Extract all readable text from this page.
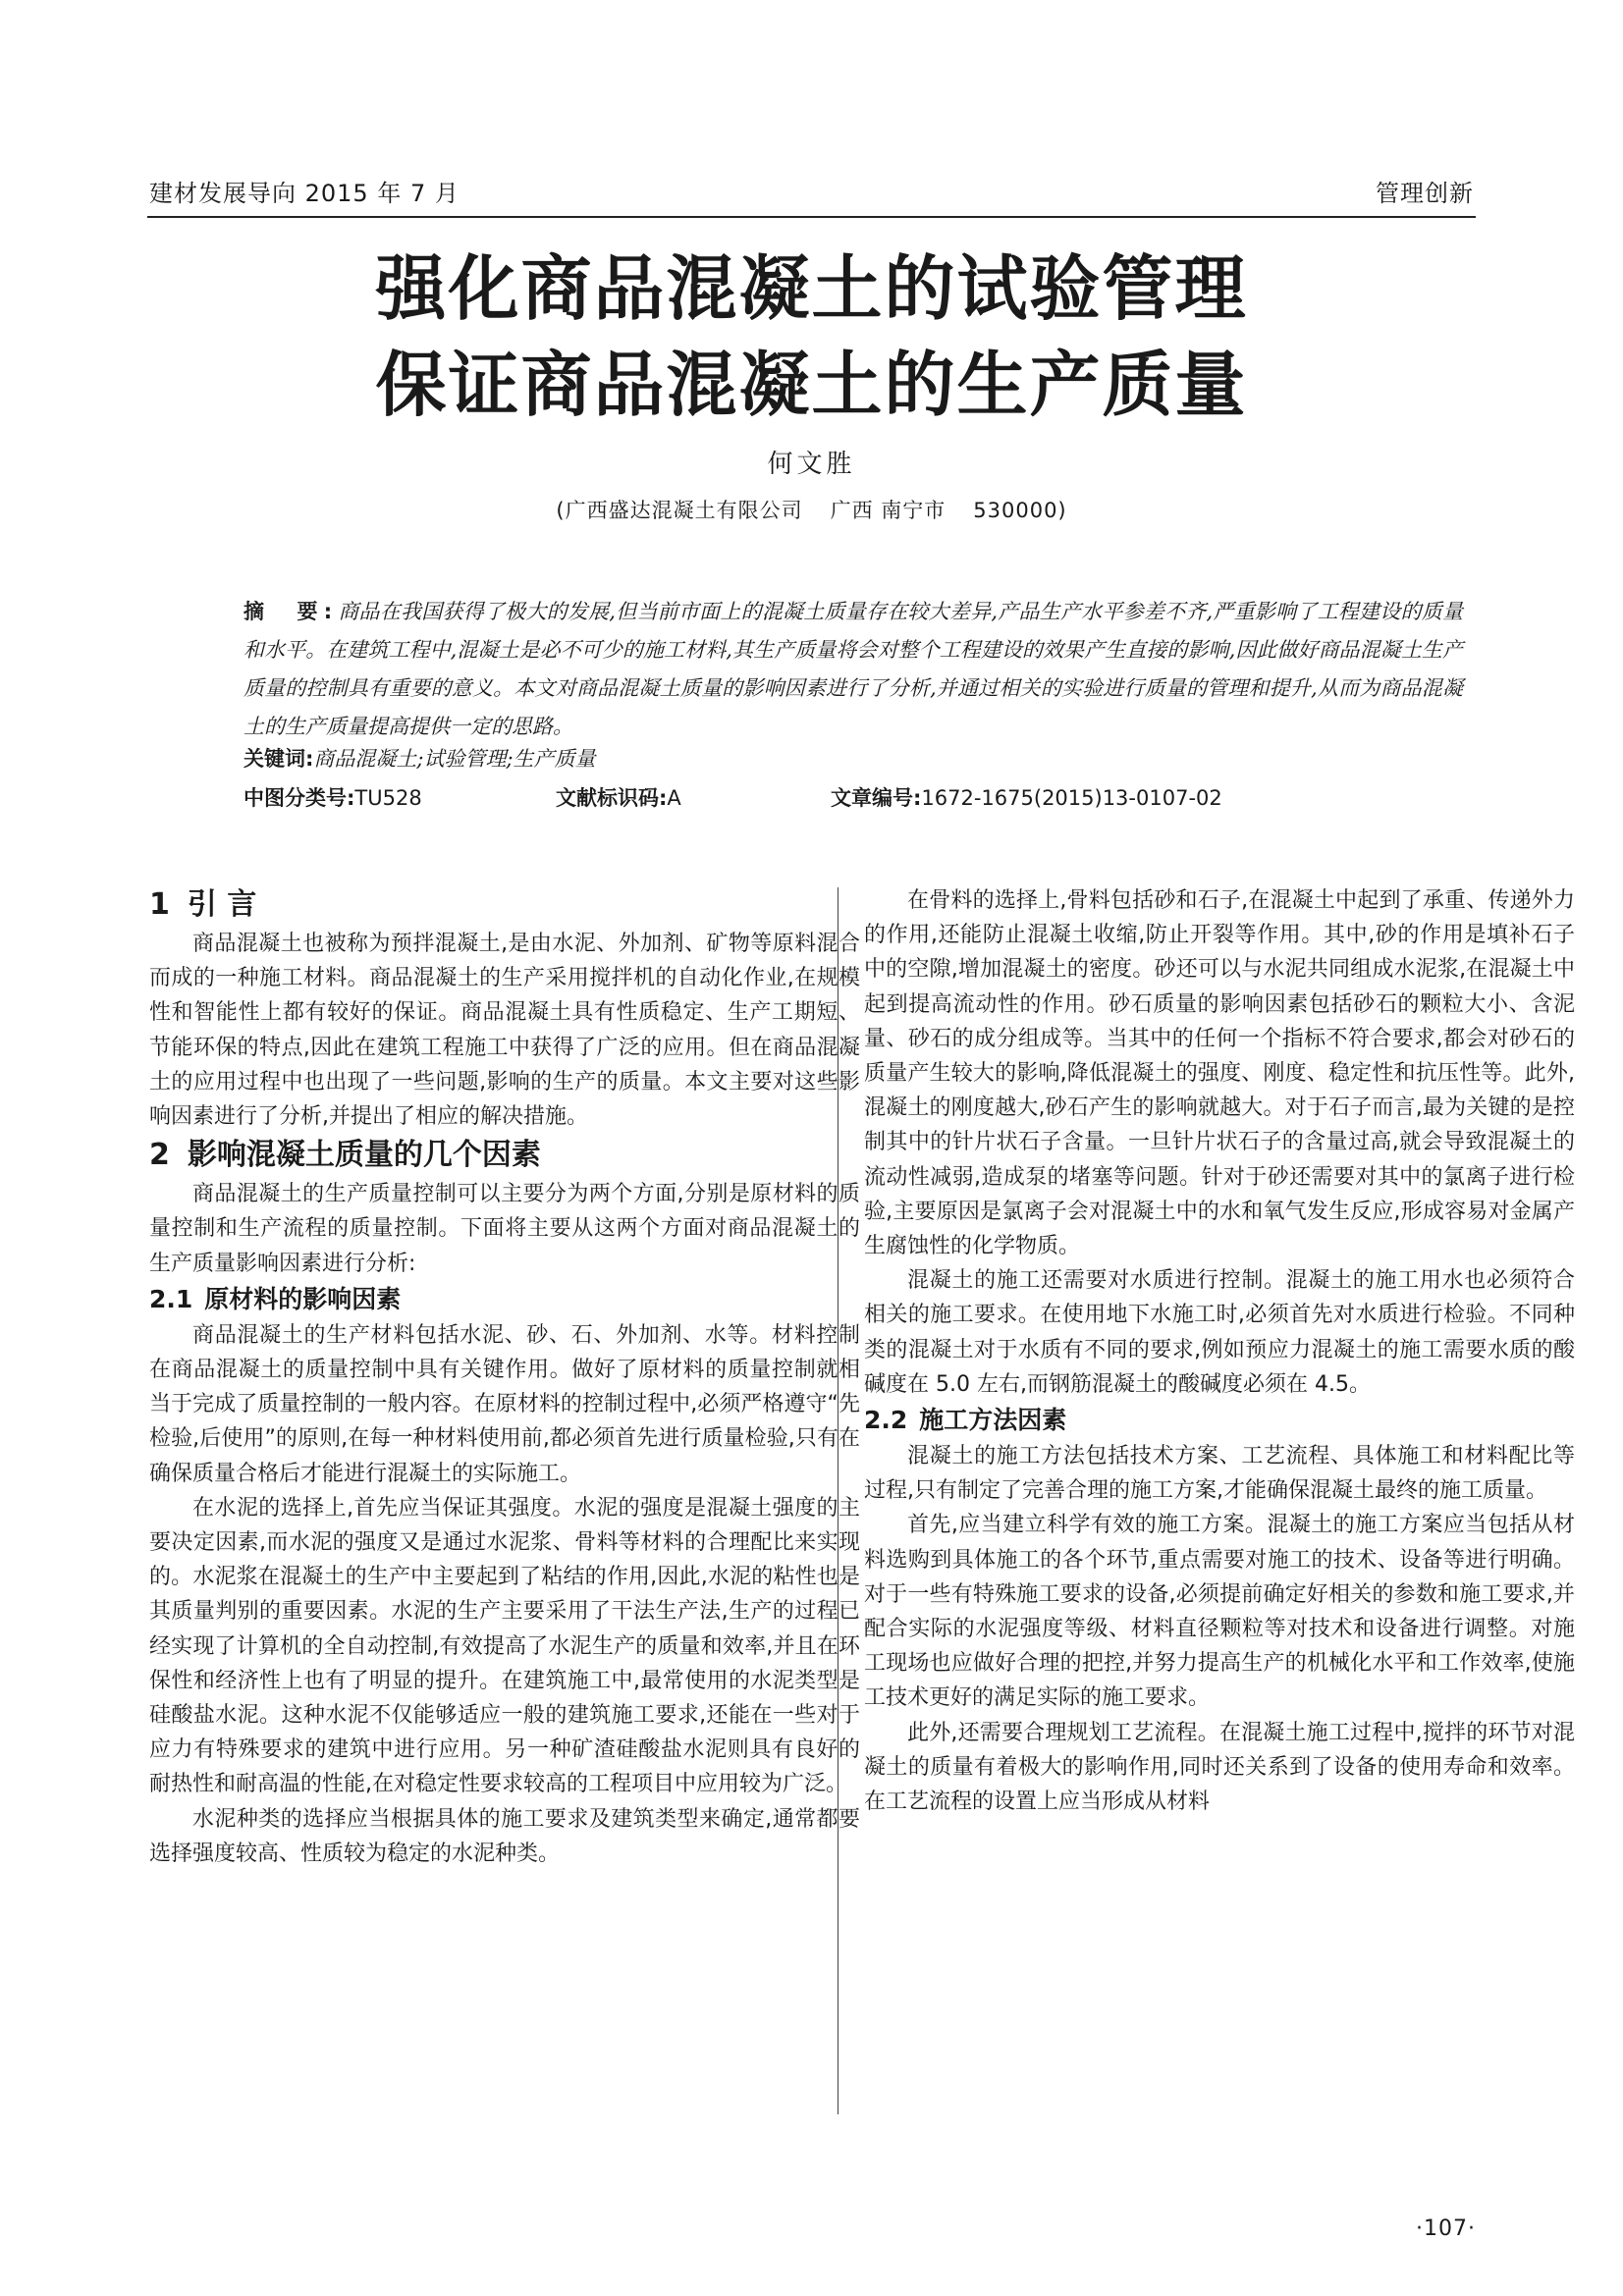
建材发展导向 2015 年 7 月	管理创新
强化商品混凝土的试验管理
保证商品混凝土的生产质量
何文胜
(广西盛达混凝土有限公司 广西 南宁市 530000)
摘　要:商品在我国获得了极大的发展,但当前市面上的混凝土质量存在较大差异,产品生产水平参差不齐,严重影响了工程建设的质量和水平。在建筑工程中,混凝土是必不可少的施工材料,其生产质量将会对整个工程建设的效果产生直接的影响,因此做好商品混凝土生产质量的控制具有重要的意义。本文对商品混凝土质量的影响因素进行了分析,并通过相关的实验进行质量的管理和提升,从而为商品混凝土的生产质量提高提供一定的思路。
关键词:商品混凝土;试验管理;生产质量
中图分类号:TU528	文献标识码:A	文章编号:1672-1675(2015)13-0107-02
1 引 言

商品混凝土也被称为预拌混凝土,是由水泥、外加剂、矿物等原料混合而成的一种施工材料。商品混凝土的生产采用搅拌机的自动化作业,在规模性和智能性上都有较好的保证。商品混凝土具有性质稳定、生产工期短、节能环保的特点,因此在建筑工程施工中获得了广泛的应用。但在商品混凝土的应用过程中也出现了一些问题,影响的生产的质量。本文主要对这些影响因素进行了分析,并提出了相应的解决措施。

2 影响混凝土质量的几个因素

商品混凝土的生产质量控制可以主要分为两个方面,分别是原材料的质量控制和生产流程的质量控制。下面将主要从这两个方面对商品混凝土的生产质量影响因素进行分析:

2.1 原材料的影响因素

商品混凝土的生产材料包括水泥、砂、石、外加剂、水等。材料控制在商品混凝土的质量控制中具有关键作用。做好了原材料的质量控制就相当于完成了质量控制的一般内容。在原材料的控制过程中,必须严格遵守“先检验,后使用”的原则,在每一种材料使用前,都必须首先进行质量检验,只有在确保质量合格后才能进行混凝土的实际施工。

在水泥的选择上,首先应当保证其强度。水泥的强度是混凝土强度的主要决定因素,而水泥的强度又是通过水泥浆、骨料等材料的合理配比来实现的。水泥浆在混凝土的生产中主要起到了粘结的作用,因此,水泥的粘性也是其质量判别的重要因素。水泥的生产主要采用了干法生产法,生产的过程已经实现了计算机的全自动控制,有效提高了水泥生产的质量和效率,并且在环保性和经济性上也有了明显的提升。在建筑施工中,最常使用的水泥类型是硅酸盐水泥。这种水泥不仅能够适应一般的建筑施工要求,还能在一些对于应力有特殊要求的建筑中进行应用。另一种矿渣硅酸盐水泥则具有良好的耐热性和耐高温的性能,在对稳定性要求较高的工程项目中应用较为广泛。

水泥种类的选择应当根据具体的施工要求及建筑类型来确定,通常都要选择强度较高、性质较为稳定的水泥种类。

在骨料的选择上,骨料包括砂和石子,在混凝土中起到了承重、传递外力的作用,还能防止混凝土收缩,防止开裂等作用。其中,砂的作用是填补石子中的空隙,增加混凝土的密度。砂还可以与水泥共同组成水泥浆,在混凝土中起到提高流动性的作用。砂石质量的影响因素包括砂石的颗粒大小、含泥量、砂石的成分组成等。当其中的任何一个指标不符合要求,都会对砂石的质量产生较大的影响,降低混凝土的强度、刚度、稳定性和抗压性等。此外,混凝土的刚度越大,砂石产生的影响就越大。对于石子而言,最为关键的是控制其中的针片状石子含量。一旦针片状石子的含量过高,就会导致混凝土的流动性减弱,造成泵的堵塞等问题。针对于砂还需要对其中的氯离子进行检验,主要原因是氯离子会对混凝土中的水和氧气发生反应,形成容易对金属产生腐蚀性的化学物质。

混凝土的施工还需要对水质进行控制。混凝土的施工用水也必须符合相关的施工要求。在使用地下水施工时,必须首先对水质进行检验。不同种类的混凝土对于水质有不同的要求,例如预应力混凝土的施工需要水质的酸碱度在 5.0 左右,而钢筋混凝土的酸碱度必须在 4.5。

2.2 施工方法因素

混凝土的施工方法包括技术方案、工艺流程、具体施工和材料配比等过程,只有制定了完善合理的施工方案,才能确保混凝土最终的施工质量。

首先,应当建立科学有效的施工方案。混凝土的施工方案应当包括从材料选购到具体施工的各个环节,重点需要对施工的技术、设备等进行明确。对于一些有特殊施工要求的设备,必须提前确定好相关的参数和施工要求,并配合实际的水泥强度等级、材料直径颗粒等对技术和设备进行调整。对施工现场也应做好合理的把控,并努力提高生产的机械化水平和工作效率,使施工技术更好的满足实际的施工要求。

此外,还需要合理规划工艺流程。在混凝土施工过程中,搅拌的环节对混凝土的质量有着极大的影响作用,同时还关系到了设备的使用寿命和效率。在工艺流程的设置上应当形成从材料

·107·
